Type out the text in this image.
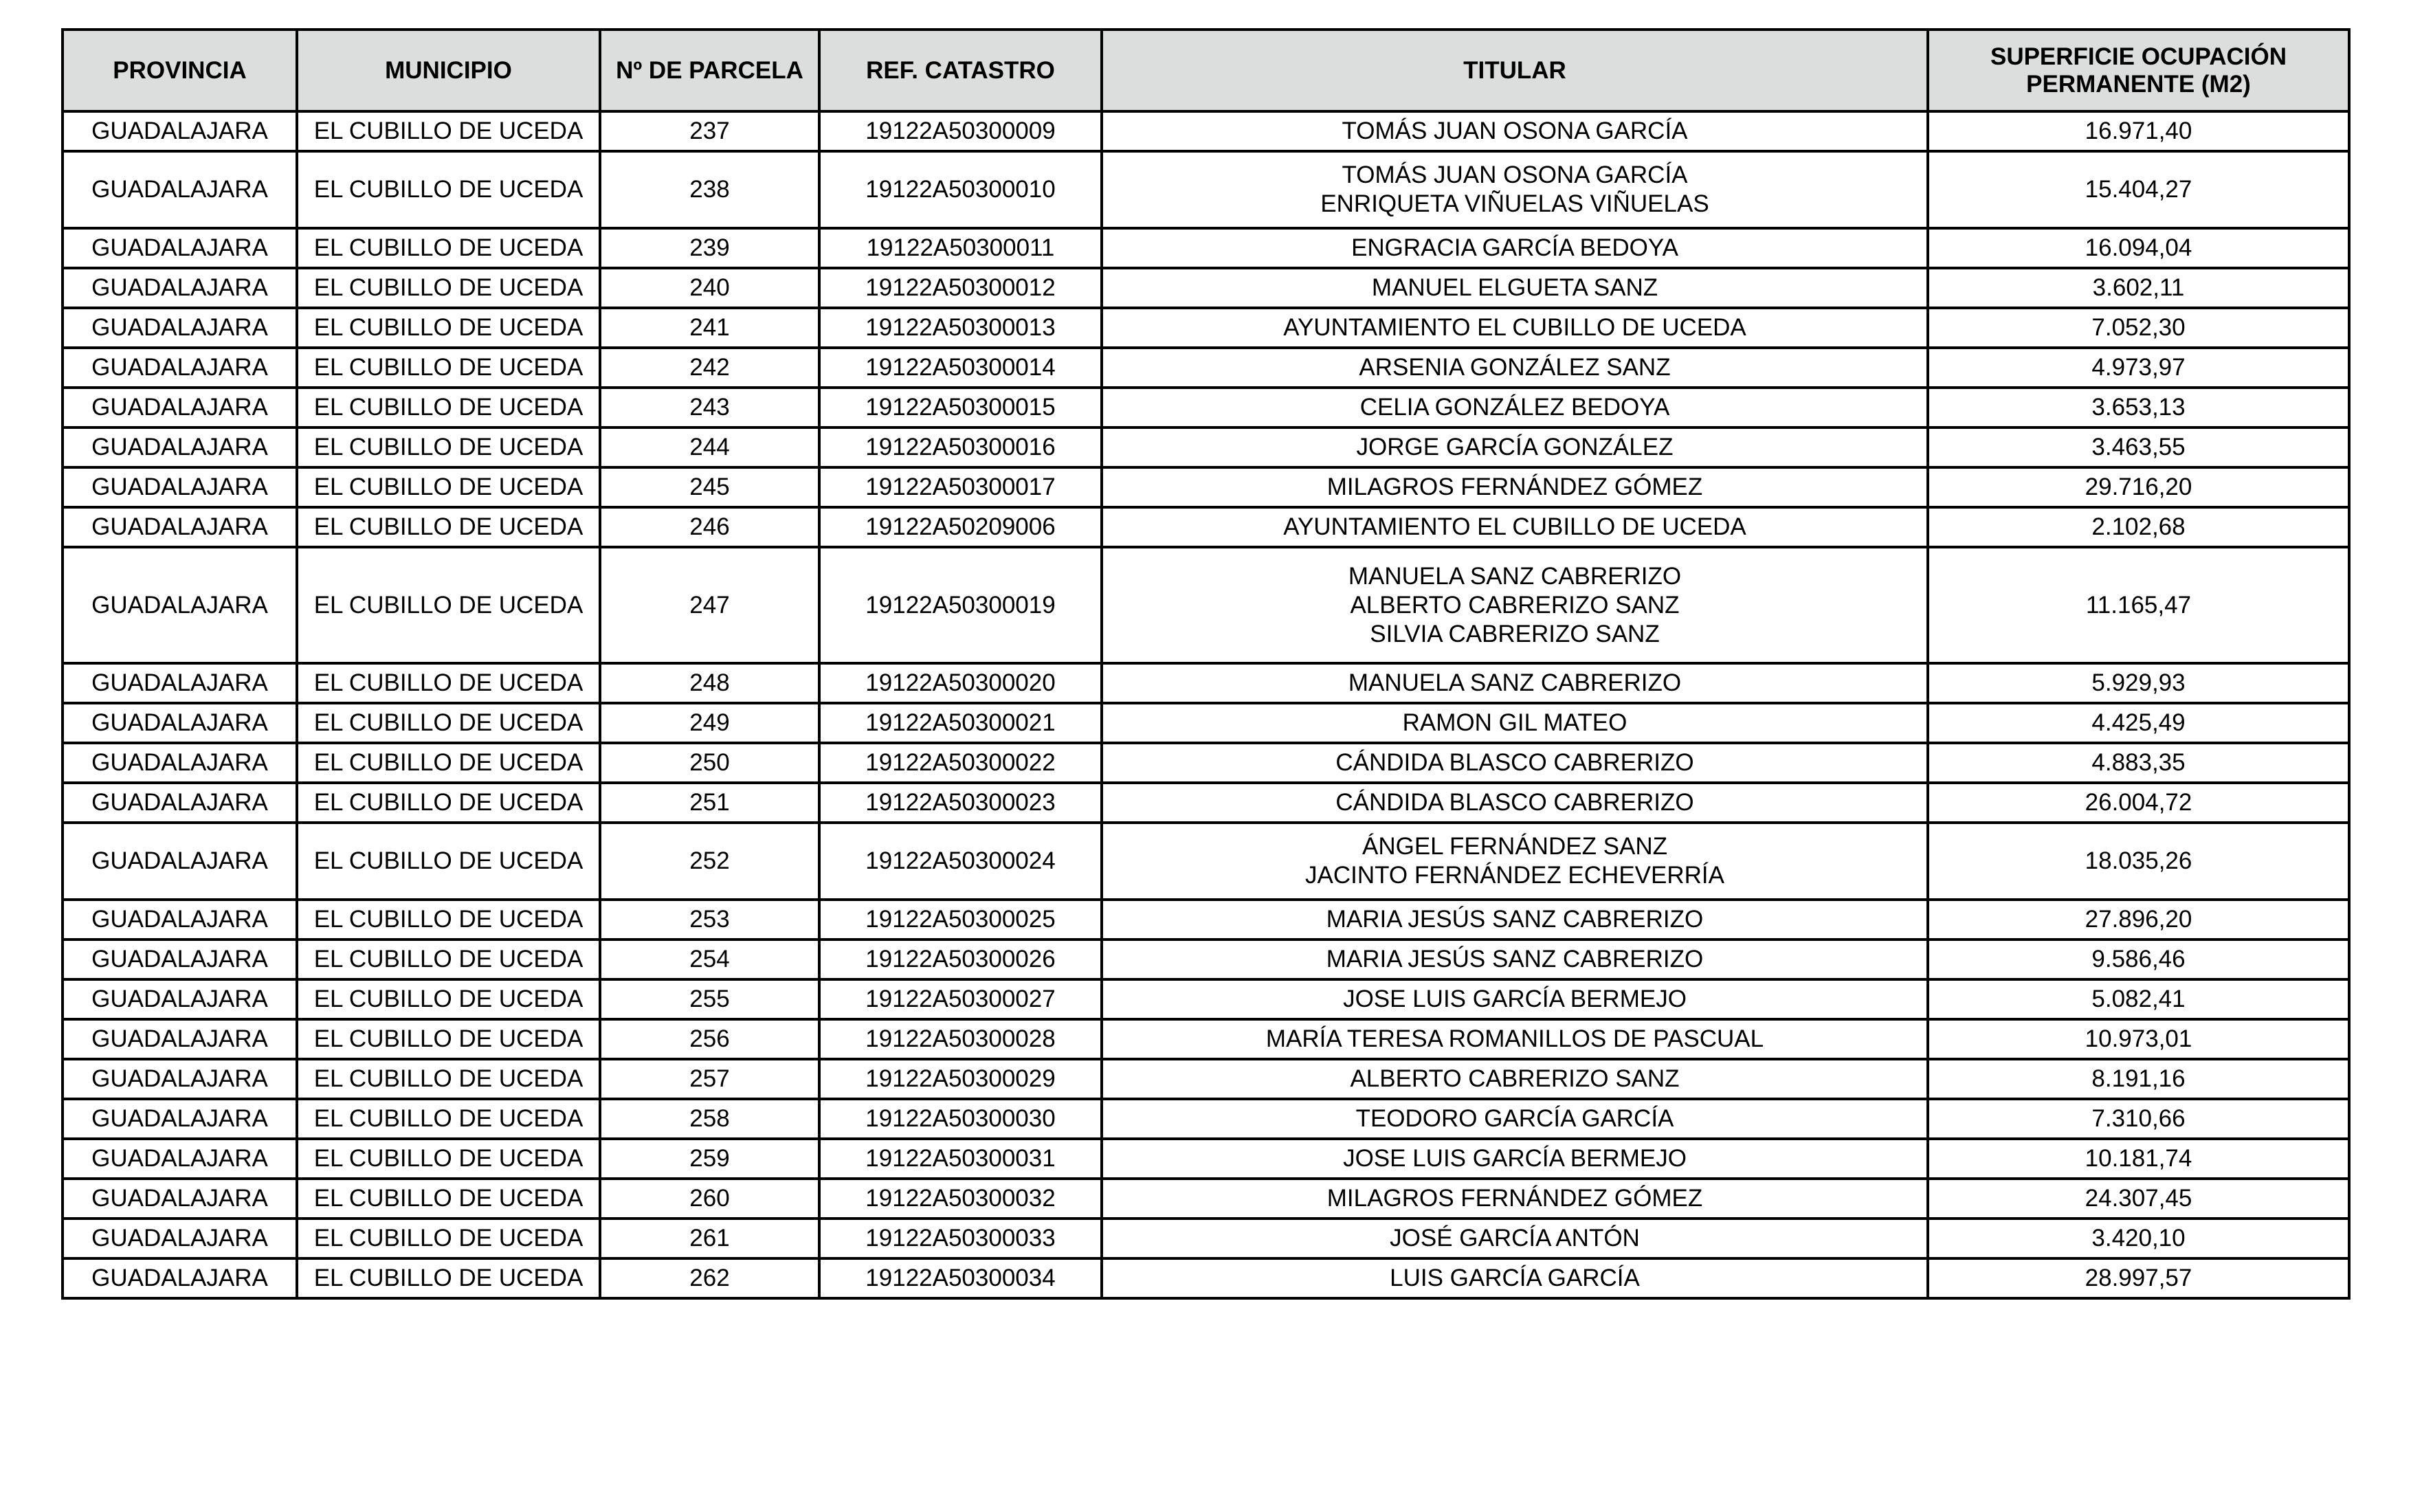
PROVINCIA	MUNICIPIO	Nº DE PARCELA	REF. CATASTRO	TITULAR	SUPERFICIE OCUPACIÓN
PERMANENTE (M2)

GUADALAJARA	EL CUBILLO DE UCEDA	237	19122A50300009	TOMÁS JUAN OSONA GARCÍA	16.971,40
GUADALAJARA	EL CUBILLO DE UCEDA	238	19122A50300010	TOMÁS JUAN OSONA GARCÍA
ENRIQUETA VIÑUELAS VIÑUELAS	15.404,27
GUADALAJARA	EL CUBILLO DE UCEDA	239	19122A50300011	ENGRACIA GARCÍA BEDOYA	16.094,04
GUADALAJARA	EL CUBILLO DE UCEDA	240	19122A50300012	MANUEL ELGUETA SANZ	3.602,11
GUADALAJARA	EL CUBILLO DE UCEDA	241	19122A50300013	AYUNTAMIENTO EL CUBILLO DE UCEDA	7.052,30
GUADALAJARA	EL CUBILLO DE UCEDA	242	19122A50300014	ARSENIA GONZÁLEZ SANZ	4.973,97
GUADALAJARA	EL CUBILLO DE UCEDA	243	19122A50300015	CELIA GONZÁLEZ BEDOYA	3.653,13
GUADALAJARA	EL CUBILLO DE UCEDA	244	19122A50300016	JORGE GARCÍA GONZÁLEZ	3.463,55
GUADALAJARA	EL CUBILLO DE UCEDA	245	19122A50300017	MILAGROS FERNÁNDEZ GÓMEZ	29.716,20
GUADALAJARA	EL CUBILLO DE UCEDA	246	19122A50209006	AYUNTAMIENTO EL CUBILLO DE UCEDA	2.102,68
GUADALAJARA	EL CUBILLO DE UCEDA	247	19122A50300019	MANUELA SANZ CABRERIZO
ALBERTO CABRERIZO SANZ
SILVIA CABRERIZO SANZ	11.165,47
GUADALAJARA	EL CUBILLO DE UCEDA	248	19122A50300020	MANUELA SANZ CABRERIZO	5.929,93
GUADALAJARA	EL CUBILLO DE UCEDA	249	19122A50300021	RAMON GIL MATEO	4.425,49
GUADALAJARA	EL CUBILLO DE UCEDA	250	19122A50300022	CÁNDIDA BLASCO CABRERIZO	4.883,35
GUADALAJARA	EL CUBILLO DE UCEDA	251	19122A50300023	CÁNDIDA BLASCO CABRERIZO	26.004,72
GUADALAJARA	EL CUBILLO DE UCEDA	252	19122A50300024	ÁNGEL FERNÁNDEZ SANZ
JACINTO FERNÁNDEZ ECHEVERRÍA	18.035,26
GUADALAJARA	EL CUBILLO DE UCEDA	253	19122A50300025	MARIA JESÚS SANZ CABRERIZO	27.896,20
GUADALAJARA	EL CUBILLO DE UCEDA	254	19122A50300026	MARIA JESÚS SANZ CABRERIZO	9.586,46
GUADALAJARA	EL CUBILLO DE UCEDA	255	19122A50300027	JOSE LUIS GARCÍA BERMEJO	5.082,41
GUADALAJARA	EL CUBILLO DE UCEDA	256	19122A50300028	MARÍA TERESA ROMANILLOS DE PASCUAL	10.973,01
GUADALAJARA	EL CUBILLO DE UCEDA	257	19122A50300029	ALBERTO CABRERIZO SANZ	8.191,16
GUADALAJARA	EL CUBILLO DE UCEDA	258	19122A50300030	TEODORO GARCÍA GARCÍA	7.310,66
GUADALAJARA	EL CUBILLO DE UCEDA	259	19122A50300031	JOSE LUIS GARCÍA BERMEJO	10.181,74
GUADALAJARA	EL CUBILLO DE UCEDA	260	19122A50300032	MILAGROS FERNÁNDEZ GÓMEZ	24.307,45
GUADALAJARA	EL CUBILLO DE UCEDA	261	19122A50300033	JOSÉ GARCÍA ANTÓN	3.420,10
GUADALAJARA	EL CUBILLO DE UCEDA	262	19122A50300034	LUIS GARCÍA GARCÍA	28.997,57
